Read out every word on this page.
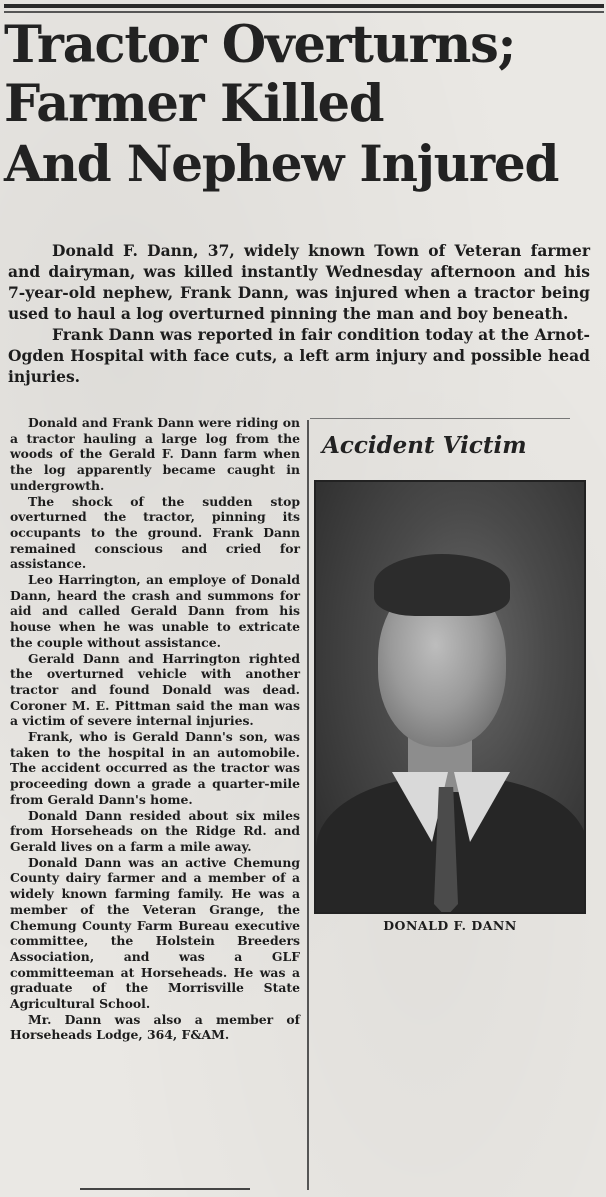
Tractor Overturns;
Farmer Killed
And Nephew Injured

Donald F. Dann, 37, widely known Town of Veteran farmer and dairyman, was killed instantly Wednesday afternoon and his 7-year-old nephew, Frank Dann, was injured when a tractor being used to haul a log overturned pinning the man and boy beneath.

Frank Dann was reported in fair condition today at the Arnot-Ogden Hospital with face cuts, a left arm injury and possible head injuries.

Donald and Frank Dann were riding on a tractor hauling a large log from the woods of the Gerald F. Dann farm when the log apparently became caught in undergrowth.

The shock of the sudden stop overturned the tractor, pinning its occupants to the ground. Frank Dann remained conscious and cried for assistance.

Leo Harrington, an employe of Donald Dann, heard the crash and summons for aid and called Gerald Dann from his house when he was unable to extricate the couple without assistance.

Gerald Dann and Harrington righted the overturned vehicle with another tractor and found Donald was dead. Coroner M. E. Pittman said the man was a victim of severe internal injuries.

Frank, who is Gerald Dann's son, was taken to the hospital in an automobile. The accident occurred as the tractor was proceeding down a grade a quarter-mile from Gerald Dann's home.

Donald Dann resided about six miles from Horseheads on the Ridge Rd. and Gerald lives on a farm a mile away.

Donald Dann was an active Chemung County dairy farmer and a member of a widely known farming family. He was a member of the Veteran Grange, the Chemung County Farm Bureau executive committee, the Holstein Breeders Association, and was a GLF committeeman at Horseheads. He was a graduate of the Morrisville State Agricultural School.

Mr. Dann was also a member of Horseheads Lodge, 364, F&AM.

Accident Victim
DONALD F. DANN
